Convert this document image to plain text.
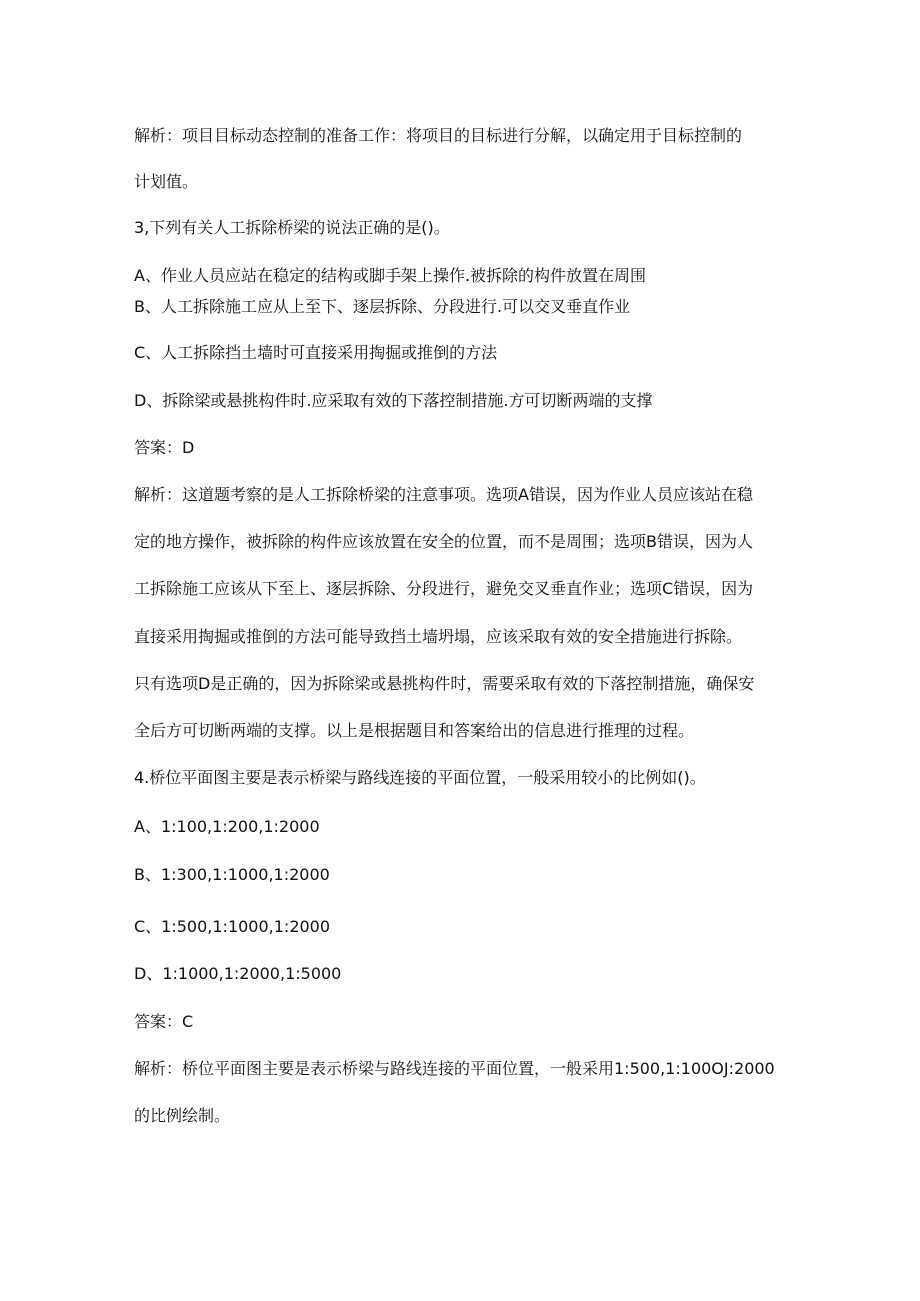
解析：项目目标动态控制的准备工作：将项目的目标进行分解，以确定用于目标控制的
计划值。
3,下列有关人工拆除桥梁的说法正确的是()。
A、作业人员应站在稳定的结构或脚手架上操作.被拆除的构件放置在周围
B、人工拆除施工应从上至下、逐层拆除、分段进行.可以交叉垂直作业
C、人工拆除挡土墙时可直接采用掏掘或推倒的方法
D、拆除梁或悬挑构件时.应采取有效的下落控制措施.方可切断两端的支撑
答案：D
解析：这道题考察的是人工拆除桥梁的注意事项。选项A错误，因为作业人员应该站在稳
定的地方操作，被拆除的构件应该放置在安全的位置，而不是周围；选项B错误，因为人
工拆除施工应该从下至上、逐层拆除、分段进行，避免交叉垂直作业；选项C错误，因为
直接采用掏掘或推倒的方法可能导致挡土墙坍塌，应该采取有效的安全措施进行拆除。
只有选项D是正确的，因为拆除梁或悬挑构件时，需要采取有效的下落控制措施，确保安
全后方可切断两端的支撑。以上是根据题目和答案给出的信息进行推理的过程。
4.桥位平面图主要是表示桥梁与路线连接的平面位置，一般采用较小的比例如()。
A、1:100,1:200,1:2000
B、1:300,1:1000,1:2000
C、1:500,1:1000,1:2000
D、1:1000,1:2000,1:5000
答案：C
解析：桥位平面图主要是表示桥梁与路线连接的平面位置，一般采用1:500,1:100OJ:2000
的比例绘制。
